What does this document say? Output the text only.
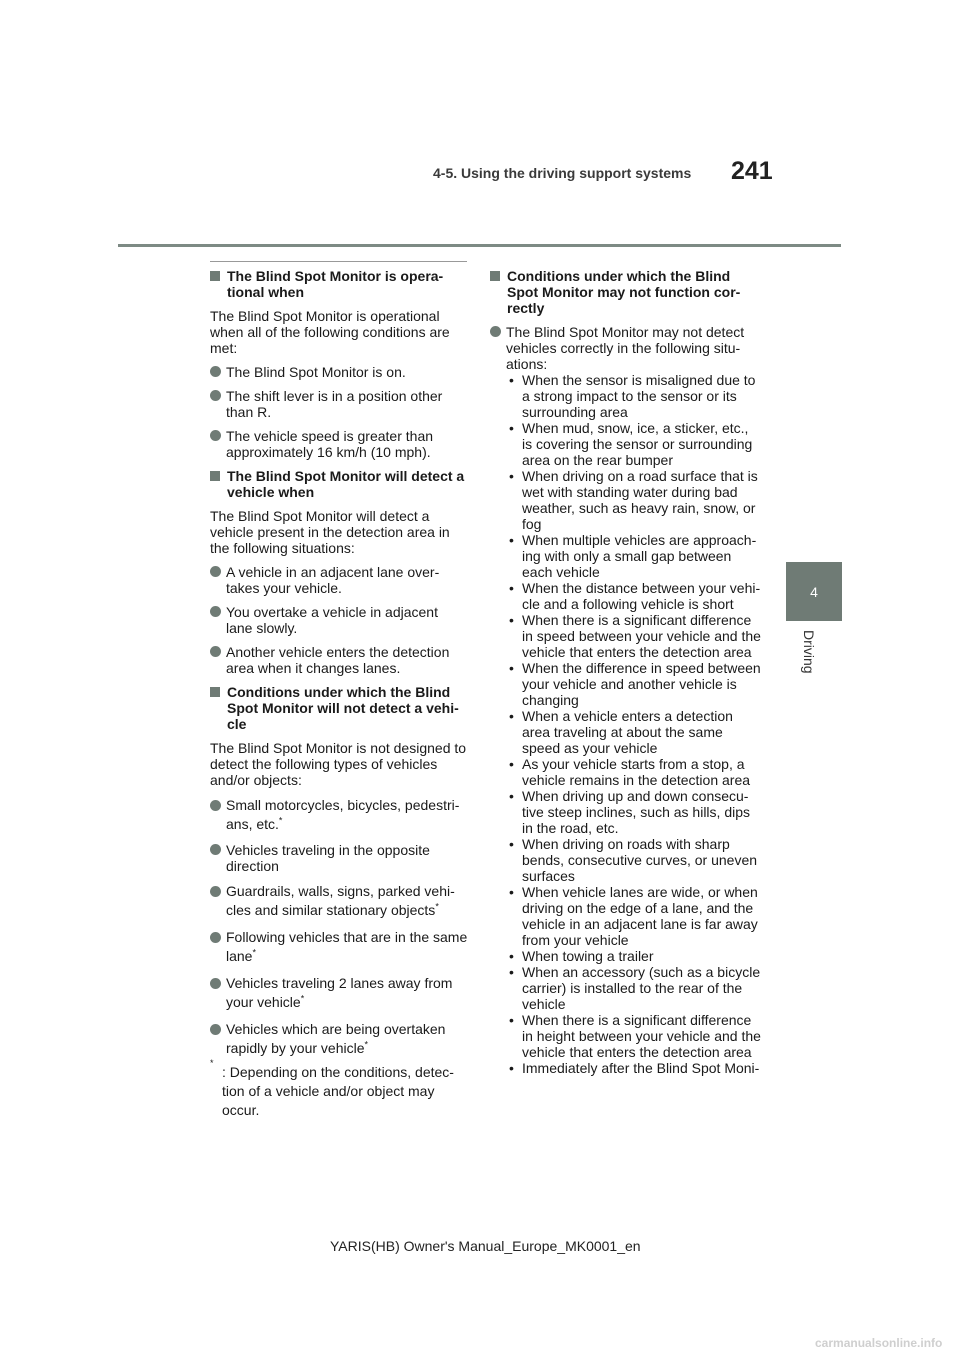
4-5. Using the driving support systems 241
4
Driving
The Blind Spot Monitor is opera-tional when
The Blind Spot Monitor is operational when all of the following conditions are met:
The Blind Spot Monitor is on.
The shift lever is in a position other than R.
The vehicle speed is greater than approximately 16 km/h (10 mph).
The Blind Spot Monitor will detect a vehicle when
The Blind Spot Monitor will detect a vehicle present in the detection area in the following situations:
A vehicle in an adjacent lane over-takes your vehicle.
You overtake a vehicle in adjacent lane slowly.
Another vehicle enters the detection area when it changes lanes.
Conditions under which the Blind Spot Monitor will not detect a vehi-cle
The Blind Spot Monitor is not designed to detect the following types of vehicles and/or objects:
Small motorcycles, bicycles, pedestri-ans, etc.*
Vehicles traveling in the opposite direction
Guardrails, walls, signs, parked vehi-cles and similar stationary objects*
Following vehicles that are in the same lane*
Vehicles traveling 2 lanes away from your vehicle*
Vehicles which are being overtaken rapidly by your vehicle*
*
: Depending on the conditions, detec-tion of a vehicle and/or object may occur.
Conditions under which the Blind Spot Monitor may not function cor-rectly
The Blind Spot Monitor may not detect vehicles correctly in the following situ-ations:
• When the sensor is misaligned due to a strong impact to the sensor or its surrounding area
• When mud, snow, ice, a sticker, etc., is covering the sensor or surrounding area on the rear bumper
• When driving on a road surface that is wet with standing water during bad weather, such as heavy rain, snow, or fog
• When multiple vehicles are approach-ing with only a small gap between each vehicle
• When the distance between your vehi-cle and a following vehicle is short
• When there is a significant difference in speed between your vehicle and the vehicle that enters the detection area
• When the difference in speed between your vehicle and another vehicle is changing
• When a vehicle enters a detection area traveling at about the same speed as your vehicle
• As your vehicle starts from a stop, a vehicle remains in the detection area
• When driving up and down consecu-tive steep inclines, such as hills, dips in the road, etc.
• When driving on roads with sharp bends, consecutive curves, or uneven surfaces
• When vehicle lanes are wide, or when driving on the edge of a lane, and the vehicle in an adjacent lane is far away from your vehicle
• When towing a trailer
• When an accessory (such as a bicycle carrier) is installed to the rear of the vehicle
• When there is a significant difference in height between your vehicle and the vehicle that enters the detection area
• Immediately after the Blind Spot Moni-
YARIS(HB) Owner's Manual_Europe_MK0001_en
carmanualsonline.info
